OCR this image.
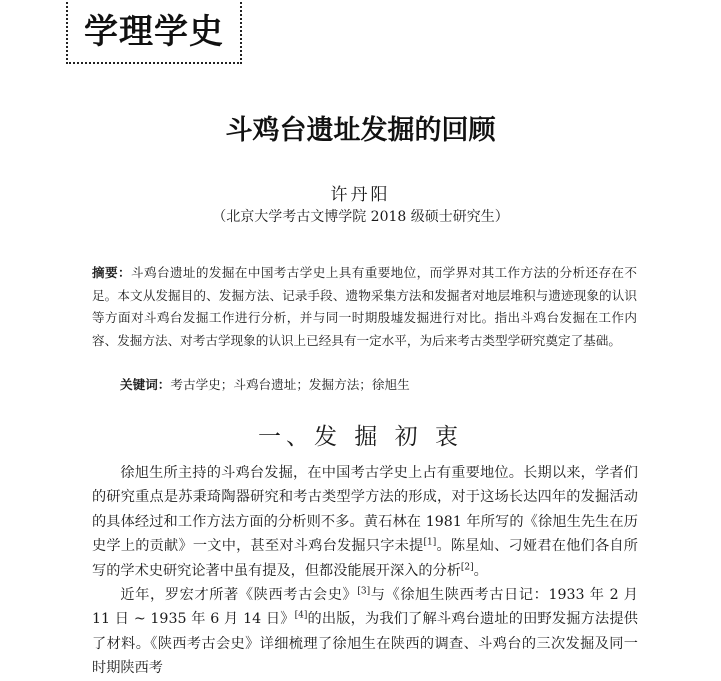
学理学史
斗鸡台遗址发掘的回顾
许丹阳
（北京大学考古文博学院 2018 级硕士研究生）
摘要：斗鸡台遗址的发掘在中国考古学史上具有重要地位，而学界对其工作方法的分析还存在不足。本文从发掘目的、发掘方法、记录手段、遗物采集方法和发掘者对地层堆积与遗迹现象的认识等方面对斗鸡台发掘工作进行分析，并与同一时期殷墟发掘进行对比。指出斗鸡台发掘在工作内容、发掘方法、对考古学现象的认识上已经具有一定水平，为后来考古类型学研究奠定了基础。
关键词：考古学史；斗鸡台遗址；发掘方法；徐旭生
一、发 掘 初 衷

徐旭生所主持的斗鸡台发掘，在中国考古学史上占有重要地位。长期以来，学者们的研究重点是苏秉琦陶器研究和考古类型学方法的形成，对于这场长达四年的发掘活动的具体经过和工作方法方面的分析则不多。黄石林在 1981 年所写的《徐旭生先生在历史学上的贡献》一文中，甚至对斗鸡台发掘只字未提[1]。陈星灿、刁娅君在他们各自所写的学术史研究论著中虽有提及，但都没能展开深入的分析[2]。

近年，罗宏才所著《陕西考古会史》[3]与《徐旭生陕西考古日记：1933 年 2 月 11 日 ~ 1935 年 6 月 14 日》[4]的出版，为我们了解斗鸡台遗址的田野发掘方法提供了材料。《陕西考古会史》详细梳理了徐旭生在陕西的调查、斗鸡台的三次发掘及同一时期陕西考
